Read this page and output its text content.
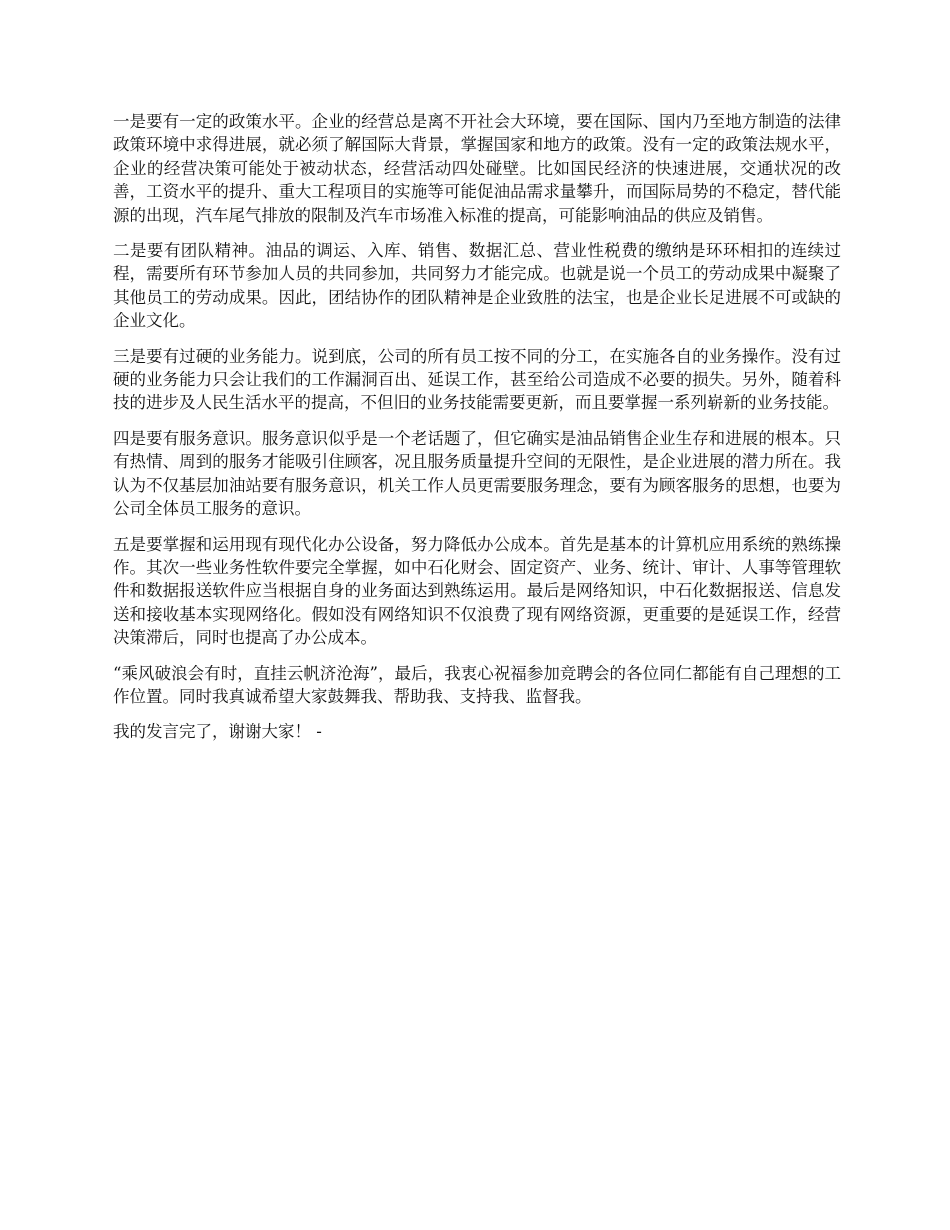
一是要有一定的政策水平。企业的经营总是离不开社会大环境，要在国际、国内乃至地方制造的法律政策环境中求得进展，就必须了解国际大背景，掌握国家和地方的政策。没有一定的政策法规水平，企业的经营决策可能处于被动状态，经营活动四处碰壁。比如国民经济的快速进展，交通状况的改善，工资水平的提升、重大工程项目的实施等可能促油品需求量攀升，而国际局势的不稳定，替代能源的出现，汽车尾气排放的限制及汽车市场准入标准的提高，可能影响油品的供应及销售。

二是要有团队精神。油品的调运、入库、销售、数据汇总、营业性税费的缴纳是环环相扣的连续过程，需要所有环节参加人员的共同参加，共同努力才能完成。也就是说一个员工的劳动成果中凝聚了其他员工的劳动成果。因此，团结协作的团队精神是企业致胜的法宝，也是企业长足进展不可或缺的企业文化。

三是要有过硬的业务能力。说到底，公司的所有员工按不同的分工，在实施各自的业务操作。没有过硬的业务能力只会让我们的工作漏洞百出、延误工作，甚至给公司造成不必要的损失。另外，随着科技的进步及人民生活水平的提高，不但旧的业务技能需要更新，而且要掌握一系列崭新的业务技能。

四是要有服务意识。服务意识似乎是一个老话题了，但它确实是油品销售企业生存和进展的根本。只有热情、周到的服务才能吸引住顾客，况且服务质量提升空间的无限性，是企业进展的潜力所在。我认为不仅基层加油站要有服务意识，机关工作人员更需要服务理念，要有为顾客服务的思想，也要为公司全体员工服务的意识。

五是要掌握和运用现有现代化办公设备，努力降低办公成本。首先是基本的计算机应用系统的熟练操作。其次一些业务性软件要完全掌握，如中石化财会、固定资产、业务、统计、审计、人事等管理软件和数据报送软件应当根据自身的业务面达到熟练运用。最后是网络知识，中石化数据报送、信息发送和接收基本实现网络化。假如没有网络知识不仅浪费了现有网络资源，更重要的是延误工作，经营决策滞后，同时也提高了办公成本。

“乘风破浪会有时，直挂云帆济沧海”，最后，我衷心祝福参加竞聘会的各位同仁都能有自己理想的工作位置。同时我真诚希望大家鼓舞我、帮助我、支持我、监督我。

我的发言完了，谢谢大家！ -
